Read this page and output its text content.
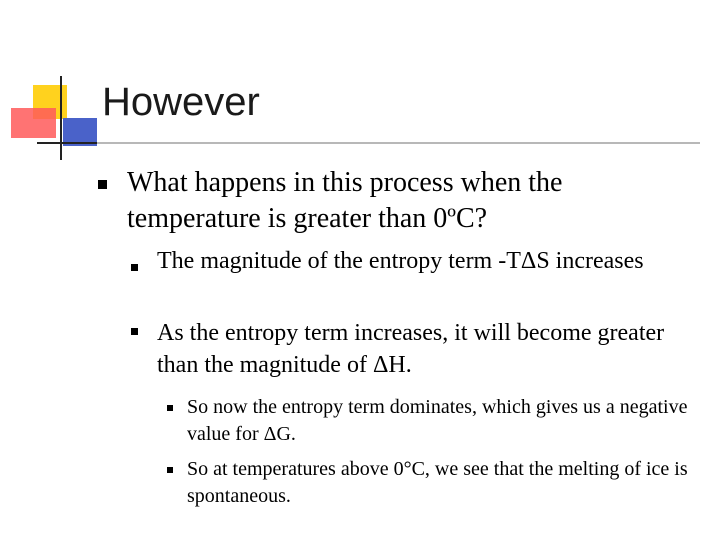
However
What happens in this process when the temperature is greater than 0ºC?
The magnitude of the entropy term -TΔS increases
As the entropy term increases, it will become greater than the magnitude of ΔH.
So now the entropy term dominates, which gives us a negative value for ΔG.
So at temperatures above 0°C, we see that the melting of ice is spontaneous.
